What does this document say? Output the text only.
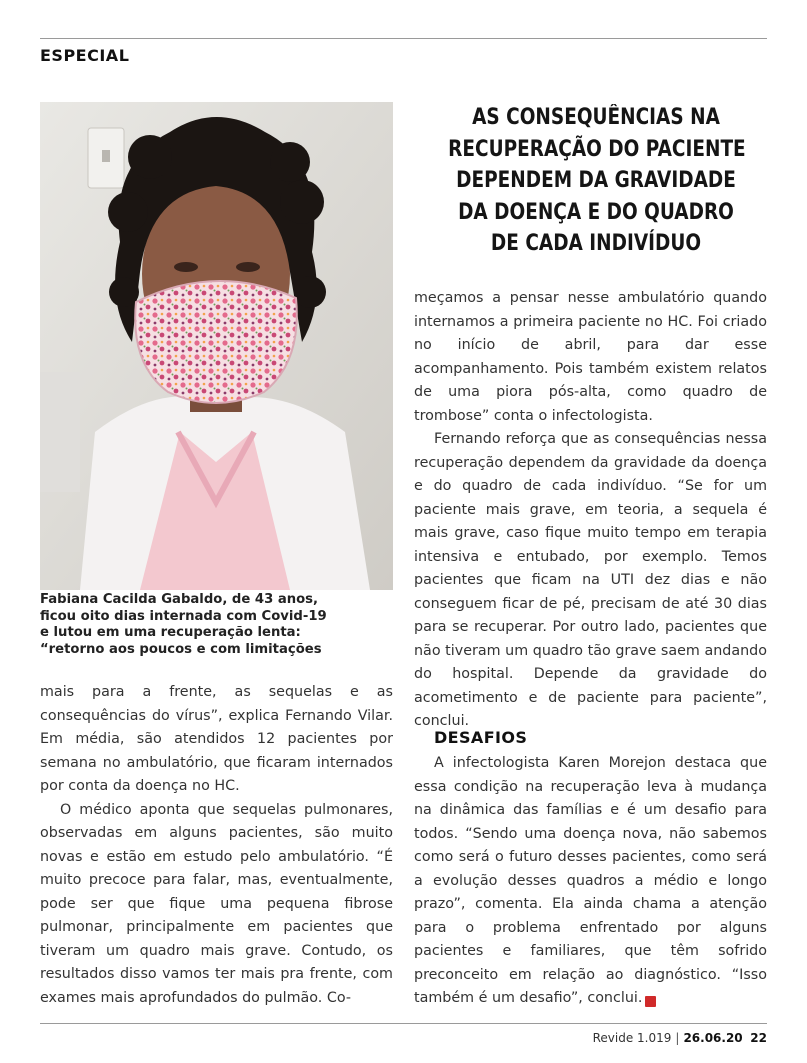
ESPECIAL
Fabiana Cacilda Gabaldo, de 43 anos,
ficou oito dias internada com Covid-19
e lutou em uma recuperação lenta:
“retorno aos poucos e com limitações
AS CONSEQUÊNCIAS NA
RECUPERAÇÃO DO PACIENTE
DEPENDEM DA GRAVIDADE
DA DOENÇA E DO QUADRO
DE CADA INDIVÍDUO

meçamos a pensar nesse ambulatório quando internamos a primeira paciente no HC. Foi criado no início de abril, para dar esse acompanhamento. Pois também existem relatos de uma piora pós-alta, como quadro de trombose” conta o infectologista.

Fernando reforça que as consequências nessa recuperação dependem da gravidade da doença e do quadro de cada indivíduo. “Se for um paciente mais grave, em teoria, a sequela é mais grave, caso fique muito tempo em terapia intensiva e entubado, por exemplo. Temos pacientes que ficam na UTI dez dias e não conseguem ficar de pé, precisam de até 30 dias para se recuperar. Por outro lado, pacientes que não tiveram um quadro tão grave saem andando do hospital. Depende da gravidade do acometimento e de paciente para paciente”, conclui.

DESAFIOS

A infectologista Karen Morejon destaca que essa condição na recuperação leva à mudança na dinâmica das famílias e é um desafio para todos. “Sendo uma doença nova, não sabemos como será o futuro desses pacientes, como será a evolução desses quadros a médio e longo prazo”, comenta. Ela ainda chama a atenção para o problema enfrentado por alguns pacientes e familiares, que têm sofrido preconceito em relação ao diagnóstico. “Isso também é um desafio”, conclui.	R

mais para a frente, as sequelas e as consequências do vírus”, explica Fernando Vilar. Em média, são atendidos 12 pacientes por semana no ambulatório, que ficaram internados por conta da doença no HC.

O médico aponta que sequelas pulmonares, observadas em alguns pacientes, são muito novas e estão em estudo pelo ambulatório. “É muito precoce para falar, mas, eventualmente, pode ser que fique uma pequena fibrose pulmonar, principalmente em pacientes que tiveram um quadro mais grave. Contudo, os resultados disso vamos ter mais pra frente, com exames mais aprofundados do pulmão. Co-

Revide 1.019 | 26.06.20 22
